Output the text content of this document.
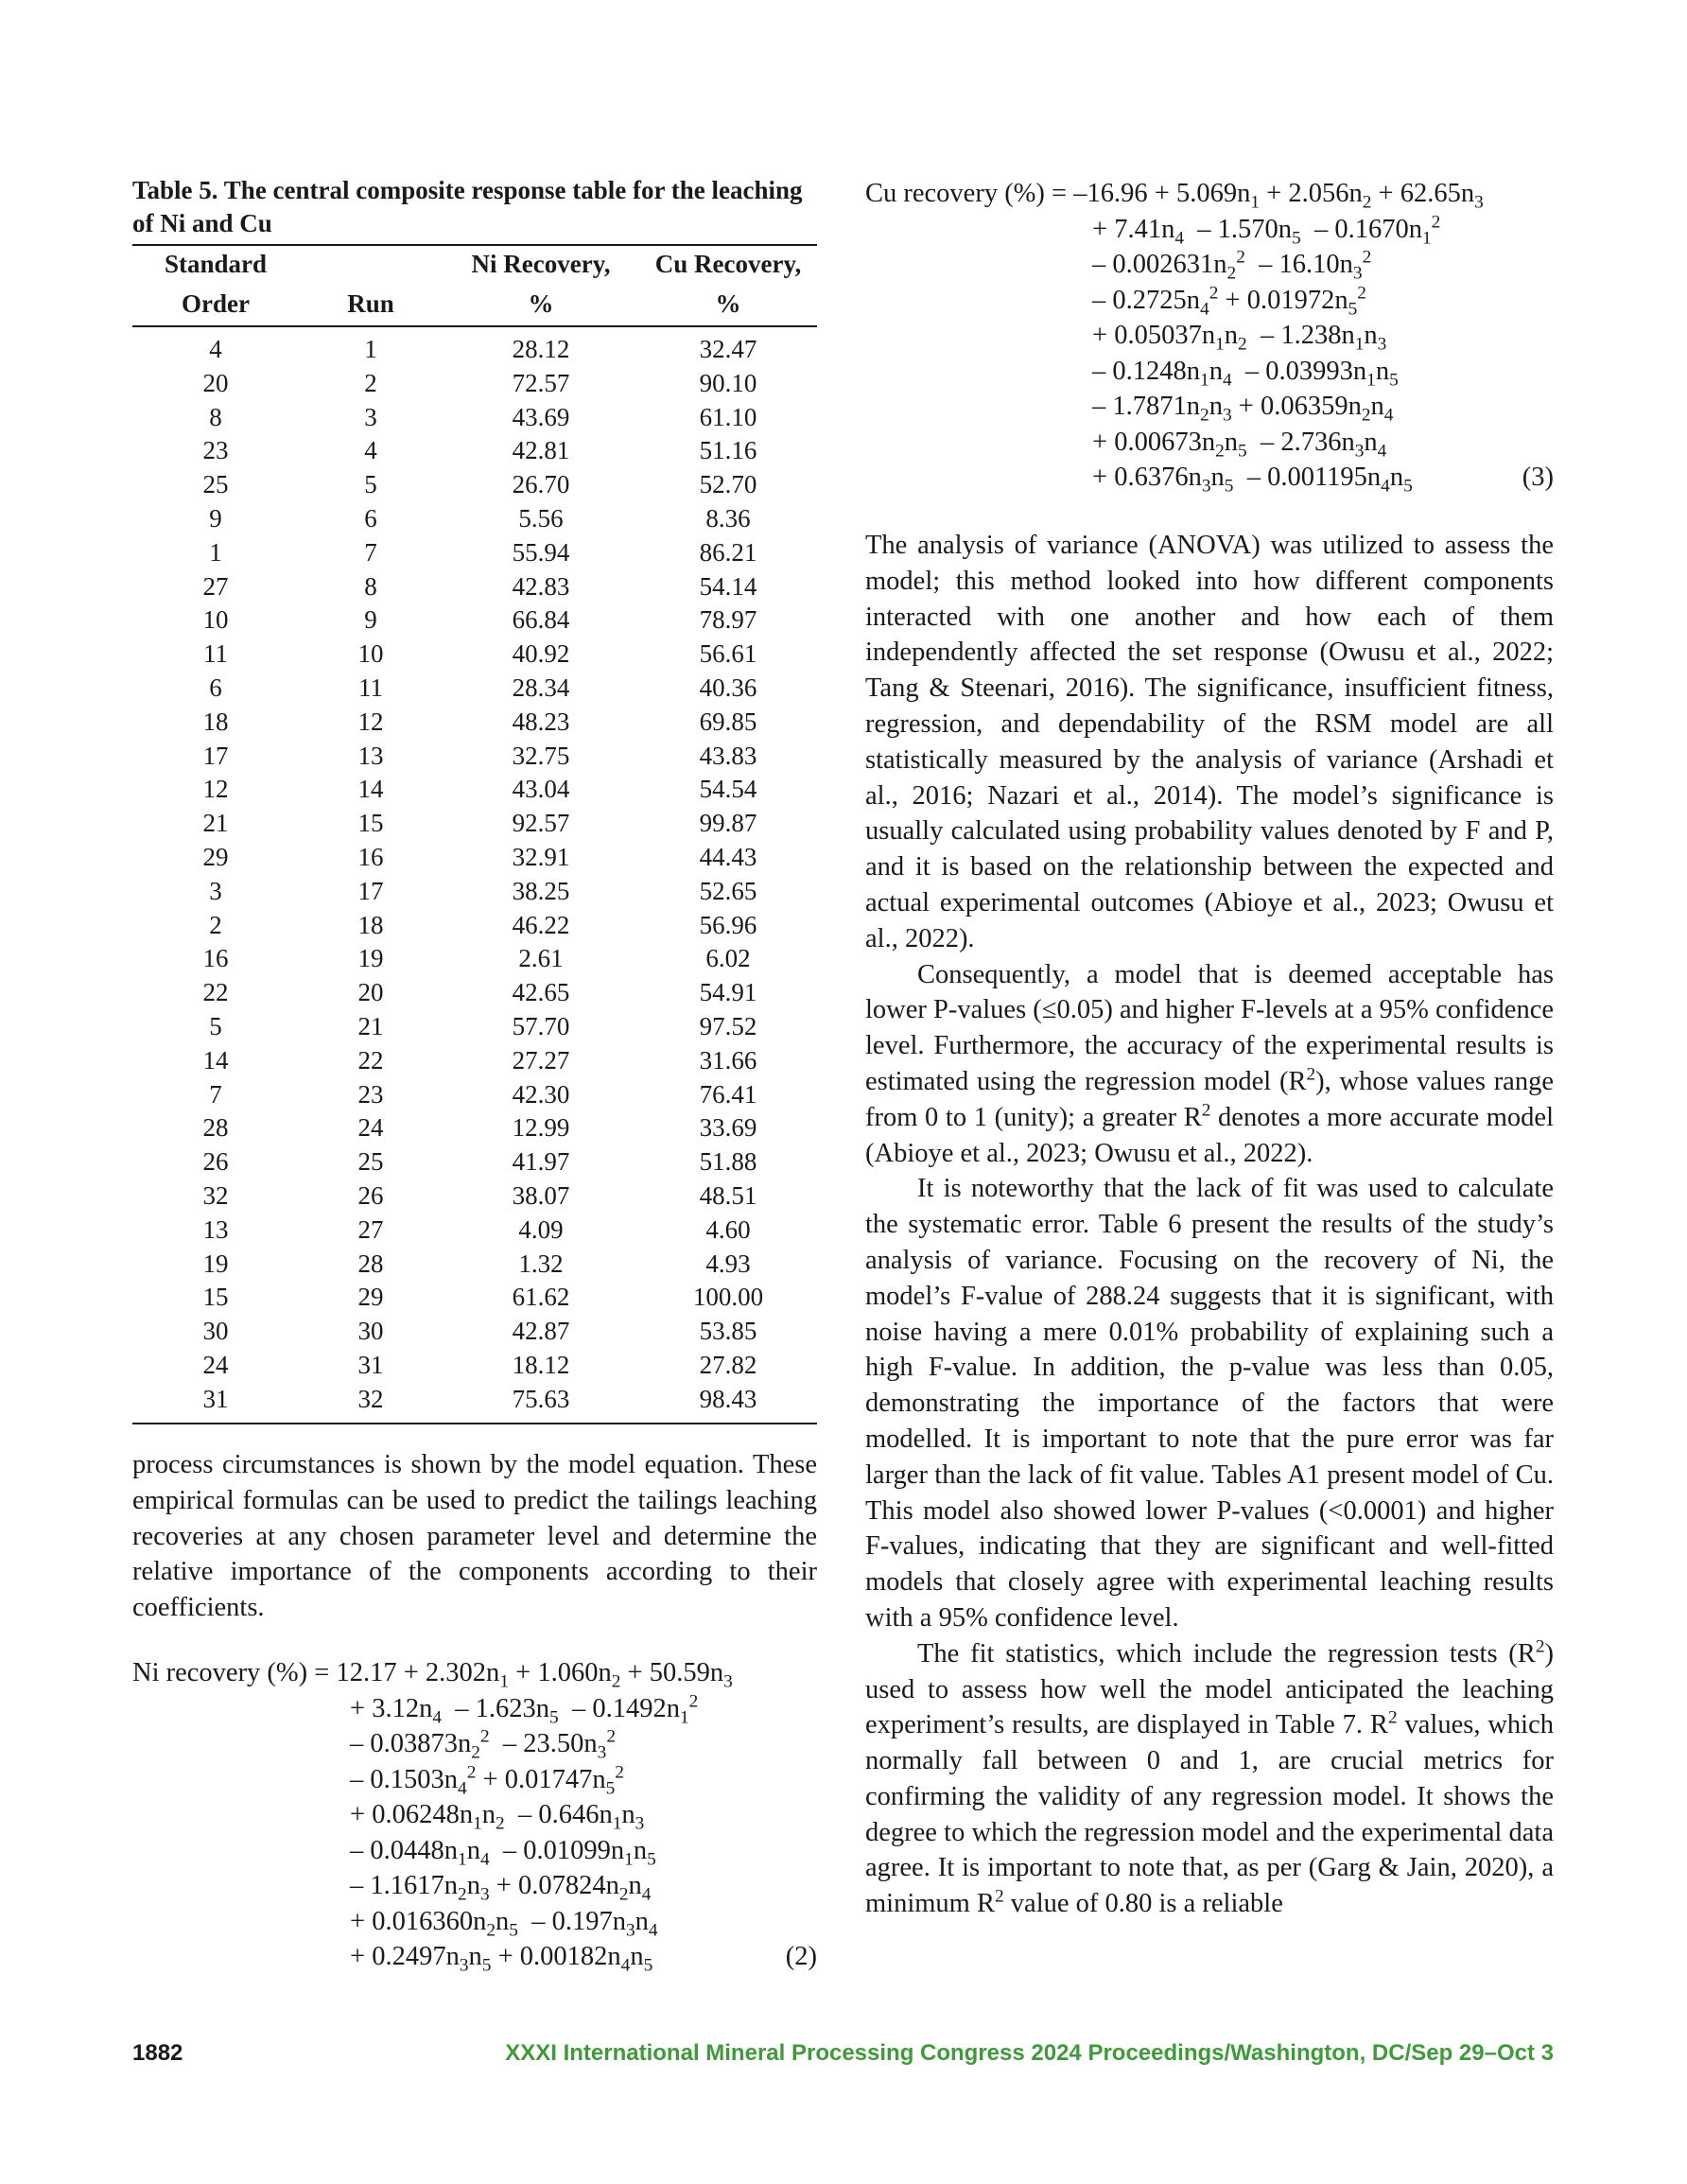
Table 5. The central composite response table for the leaching of Ni and Cu
Standard		Ni Recovery,	Cu Recovery,
Order	Run	%	%
4	1	28.12	32.47
20	2	72.57	90.10
8	3	43.69	61.10
23	4	42.81	51.16
25	5	26.70	52.70
9	6	5.56	8.36
1	7	55.94	86.21
27	8	42.83	54.14
10	9	66.84	78.97
11	10	40.92	56.61
6	11	28.34	40.36
18	12	48.23	69.85
17	13	32.75	43.83
12	14	43.04	54.54
21	15	92.57	99.87
29	16	32.91	44.43
3	17	38.25	52.65
2	18	46.22	56.96
16	19	2.61	6.02
22	20	42.65	54.91
5	21	57.70	97.52
14	22	27.27	31.66
7	23	42.30	76.41
28	24	12.99	33.69
26	25	41.97	51.88
32	26	38.07	48.51
13	27	4.09	4.60
19	28	1.32	4.93
15	29	61.62	100.00
30	30	42.87	53.85
24	31	18.12	27.82
31	32	75.63	98.43
process circumstances is shown by the model equation. These empirical formulas can be used to predict the tailings leaching recoveries at any chosen parameter level and determine the relative importance of the components according to their coefficients.
Ni recovery (%) = $12.17 + 2.302n_1 + 1.060n_2 + 50.59n_3$
+ $3.12n_4 - 1.623n_5 - 0.1492n_1^2$
– $0.03873n_2^2 - 23.50n_3^2$
– $0.1503n_4^2 + 0.01747n_5^2$
+ $0.06248n_1n_2 - 0.646n_1n_3$
– $0.0448n_1n_4 - 0.01099n_1n_5$
– $1.1617n_2n_3 + 0.07824n_2n_4$
+ $0.016360n_2n_5 - 0.197n_3n_4$
+ $0.2497n_3n_5 + 0.00182n_4n_5$	(2)
Cu recovery (%) = $-16.96 + 5.069n_1 + 2.056n_2 + 62.65n_3$
+ $7.41n_4 - 1.570n_5 - 0.1670n_1^2$
– $0.002631n_2^2 - 16.10n_3^2$
– $0.2725n_4^2 + 0.01972n_5^2$
+ $0.05037n_1n_2 - 1.238n_1n_3$
– $0.1248n_1n_4 - 0.03993n_1n_5$
– $1.7871n_2n_3 + 0.06359n_2n_4$
+ $0.00673n_2n_5 - 2.736n_3n_4$
+ $0.6376n_3n_5 - 0.001195n_4n_5$	(3)
The analysis of variance (ANOVA) was utilized to assess the model; this method looked into how different components interacted with one another and how each of them independently affected the set response (Owusu et al., 2022; Tang & Steenari, 2016). The significance, insufficient fitness, regression, and dependability of the RSM model are all statistically measured by the analysis of variance (Arshadi et al., 2016; Nazari et al., 2014). The model’s significance is usually calculated using probability values denoted by F and P, and it is based on the relationship between the expected and actual experimental outcomes (Abioye et al., 2023; Owusu et al., 2022).
Consequently, a model that is deemed acceptable has lower P-values (≤0.05) and higher F-levels at a 95% confidence level. Furthermore, the accuracy of the experimental results is estimated using the regression model $(R^2)$, whose values range from 0 to 1 (unity); a greater $R^2$ denotes a more accurate model (Abioye et al., 2023; Owusu et al., 2022).
It is noteworthy that the lack of fit was used to calculate the systematic error. Table 6 present the results of the study’s analysis of variance. Focusing on the recovery of Ni, the model’s F-value of 288.24 suggests that it is significant, with noise having a mere 0.01% probability of explaining such a high F-value. In addition, the p-value was less than 0.05, demonstrating the importance of the factors that were modelled. It is important to note that the pure error was far larger than the lack of fit value. Tables A1 present model of Cu. This model also showed lower P-values (<0.0001) and higher F-values, indicating that they are significant and well-fitted models that closely agree with experimental leaching results with a 95% confidence level.
The fit statistics, which include the regression tests $(R^2)$ used to assess how well the model anticipated the leaching experiment’s results, are displayed in Table 7. $R^2$ values, which normally fall between 0 and 1, are crucial metrics for confirming the validity of any regression model. It shows the degree to which the regression model and the experimental data agree. It is important to note that, as per (Garg & Jain, 2020), a minimum $R^2$ value of 0.80 is a reliable
1882	XXXI International Mineral Processing Congress 2024 Proceedings/Washington, DC/Sep 29–Oct 3
